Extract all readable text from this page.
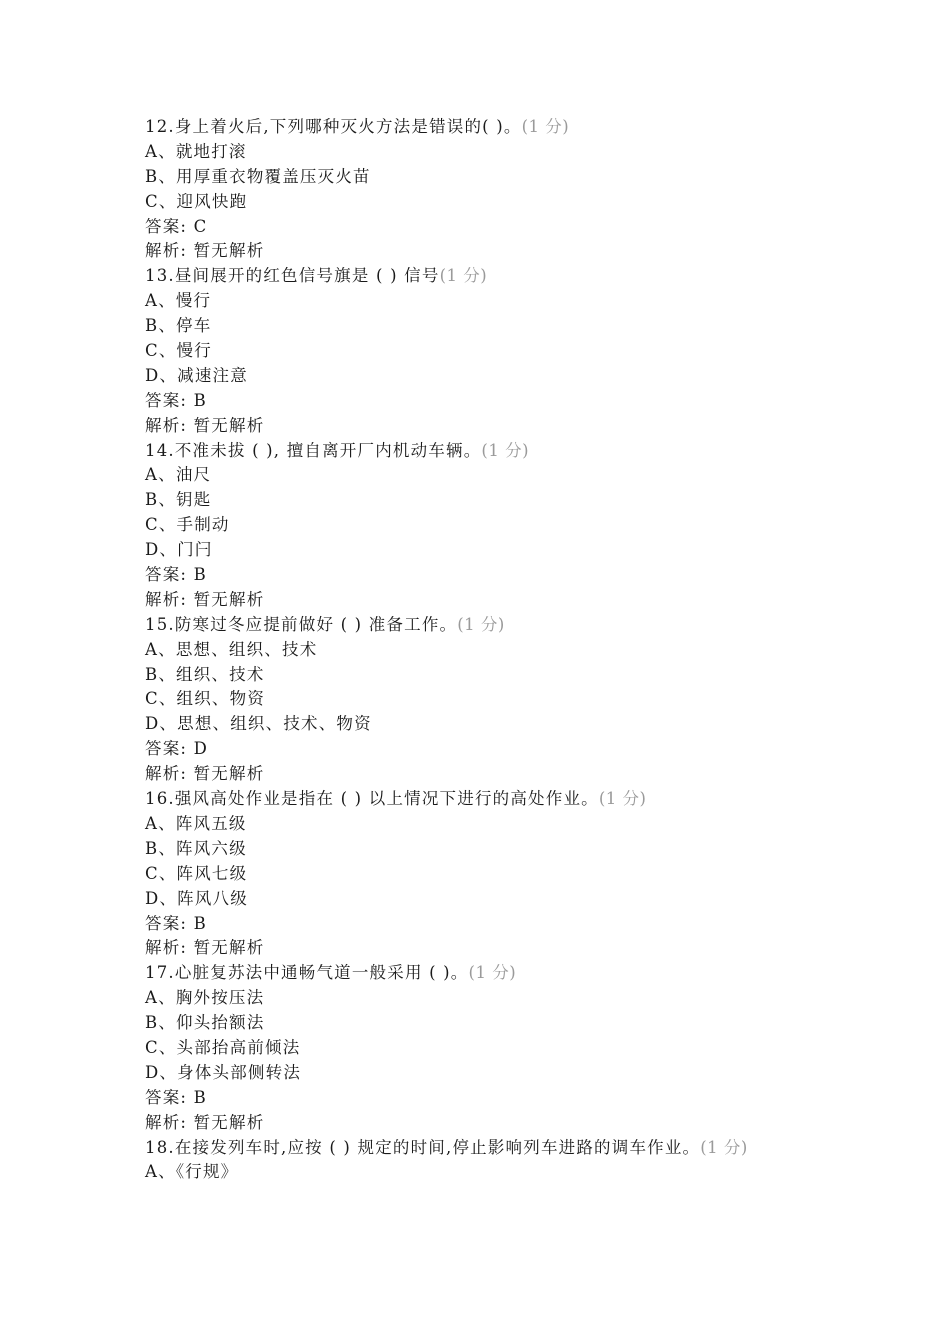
12.身上着火后,下列哪种灭火方法是错误的( )。(1 分)
A、就地打滚
B、用厚重衣物覆盖压灭火苗
C、迎风快跑
答案: C
解析: 暂无解析
13.昼间展开的红色信号旗是 ( ) 信号(1 分)
A、慢行
B、停车
C、慢行
D、减速注意
答案: B
解析: 暂无解析
14.不准未拔 ( ), 擅自离开厂内机动车辆。(1 分)
A、油尺
B、钥匙
C、手制动
D、门闩
答案: B
解析: 暂无解析
15.防寒过冬应提前做好 ( ) 准备工作。(1 分)
A、思想、组织、技术
B、组织、技术
C、组织、物资
D、思想、组织、技术、物资
答案: D
解析: 暂无解析
16.强风高处作业是指在 ( ) 以上情况下进行的高处作业。(1 分)
A、阵风五级
B、阵风六级
C、阵风七级
D、阵风八级
答案: B
解析: 暂无解析
17.心脏复苏法中通畅气道一般采用 ( )。(1 分)
A、胸外按压法
B、仰头抬额法
C、头部抬高前倾法
D、身体头部侧转法
答案: B
解析: 暂无解析
18.在接发列车时,应按 ( ) 规定的时间,停止影响列车进路的调车作业。(1 分)
A、《行规》
